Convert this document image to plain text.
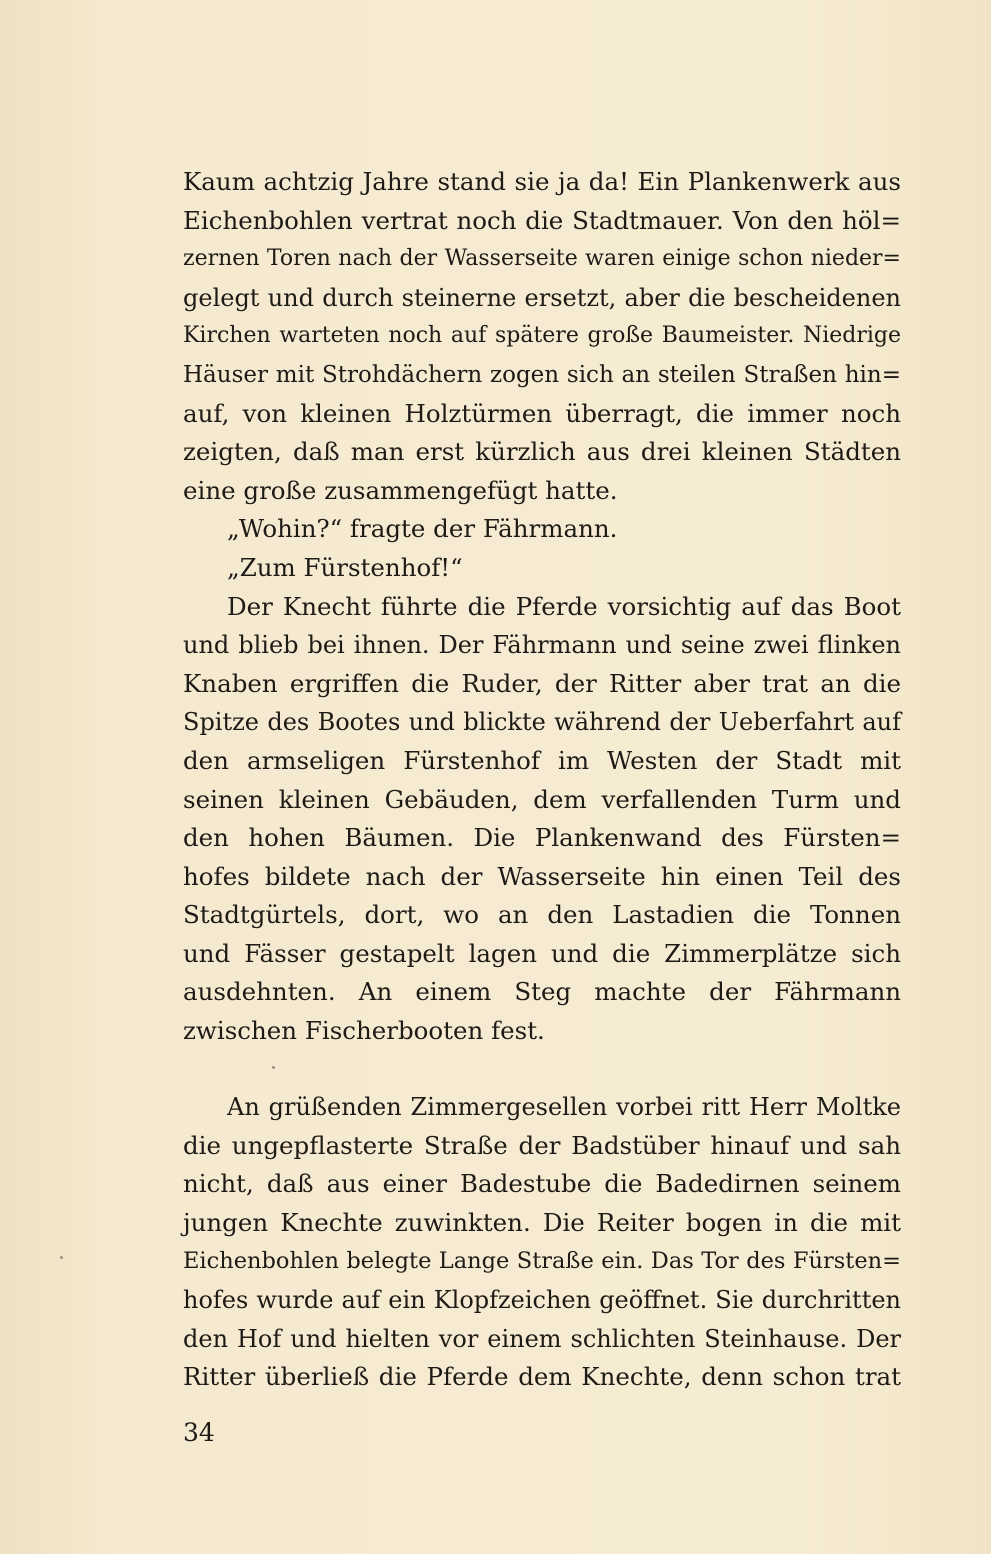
Kaum achtzig Jahre stand sie ja da! Ein Plankenwerk aus
Eichenbohlen vertrat noch die Stadtmauer. Von den höl=
zernen Toren nach der Wasserseite waren einige schon nieder=
gelegt und durch steinerne ersetzt, aber die bescheidenen
Kirchen warteten noch auf spätere große Baumeister. Niedrige
Häuser mit Strohdächern zogen sich an steilen Straßen hin=
auf, von kleinen Holztürmen überragt, die immer noch
zeigten, daß man erst kürzlich aus drei kleinen Städten
eine große zusammengefügt hatte.
„Wohin?“ fragte der Fährmann.
„Zum Fürstenhof!“
Der Knecht führte die Pferde vorsichtig auf das Boot
und blieb bei ihnen. Der Fährmann und seine zwei flinken
Knaben ergriffen die Ruder, der Ritter aber trat an die
Spitze des Bootes und blickte während der Ueberfahrt auf
den armseligen Fürstenhof im Westen der Stadt mit
seinen kleinen Gebäuden, dem verfallenden Turm und
den hohen Bäumen. Die Plankenwand des Fürsten=
hofes bildete nach der Wasserseite hin einen Teil des
Stadtgürtels, dort, wo an den Lastadien die Tonnen
und Fässer gestapelt lagen und die Zimmerplätze sich
ausdehnten. An einem Steg machte der Fährmann
zwischen Fischerbooten fest.
An grüßenden Zimmergesellen vorbei ritt Herr Moltke
die ungepflasterte Straße der Badstüber hinauf und sah
nicht, daß aus einer Badestube die Badedirnen seinem
jungen Knechte zuwinkten. Die Reiter bogen in die mit
Eichenbohlen belegte Lange Straße ein. Das Tor des Fürsten=
hofes wurde auf ein Klopfzeichen geöffnet. Sie durchritten
den Hof und hielten vor einem schlichten Steinhause. Der
Ritter überließ die Pferde dem Knechte, denn schon trat
34
